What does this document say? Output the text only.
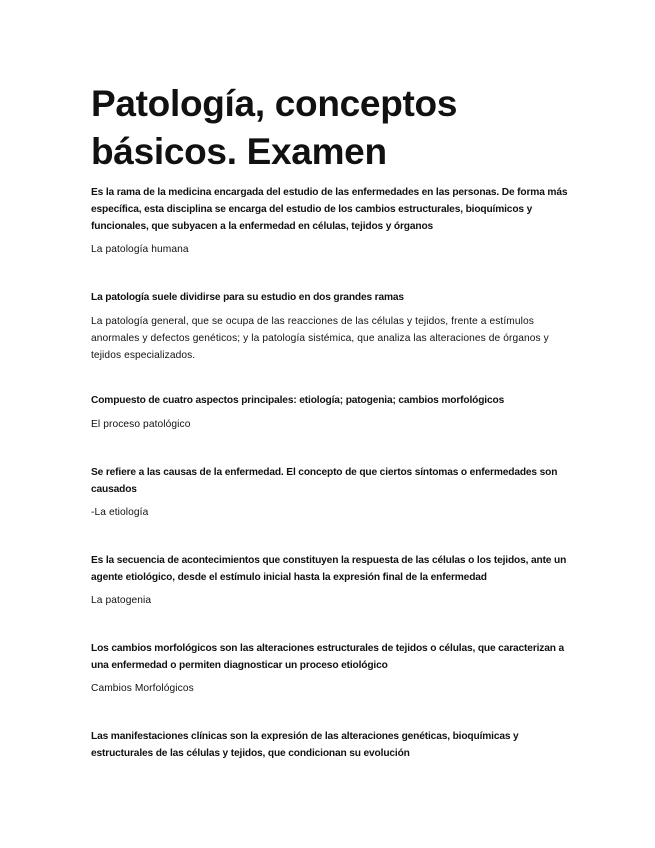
Patología, conceptos básicos. Examen

Es la rama de la medicina encargada del estudio de las enfermedades en las personas. De forma más específica, esta disciplina se encarga del estudio de los cambios estructurales, bioquímicos y funcionales, que subyacen a la enfermedad en células, tejidos y órganos

La patología humana

La patología suele dividirse para su estudio en dos grandes ramas

La patología general, que se ocupa de las reacciones de las células y tejidos, frente a estímulos anormales y defectos genéticos; y la patología sistémica, que analiza las alteraciones de órganos y tejidos especializados.

Compuesto de cuatro aspectos principales: etiología; patogenia; cambios morfológicos

El proceso patológico

Se refiere a las causas de la enfermedad. El concepto de que ciertos síntomas o enfermedades son causados

-La etiología

Es la secuencia de acontecimientos que constituyen la respuesta de las células o los tejidos, ante un agente etiológico, desde el estímulo inicial hasta la expresión final de la enfermedad

La patogenia

Los cambios morfológicos son las alteraciones estructurales de tejidos o células, que caracterizan a una enfermedad o permiten diagnosticar un proceso etiológico

Cambios Morfológicos

Las manifestaciones clínicas son la expresión de las alteraciones genéticas, bioquímicas y estructurales de las células y tejidos, que condicionan su evolución
